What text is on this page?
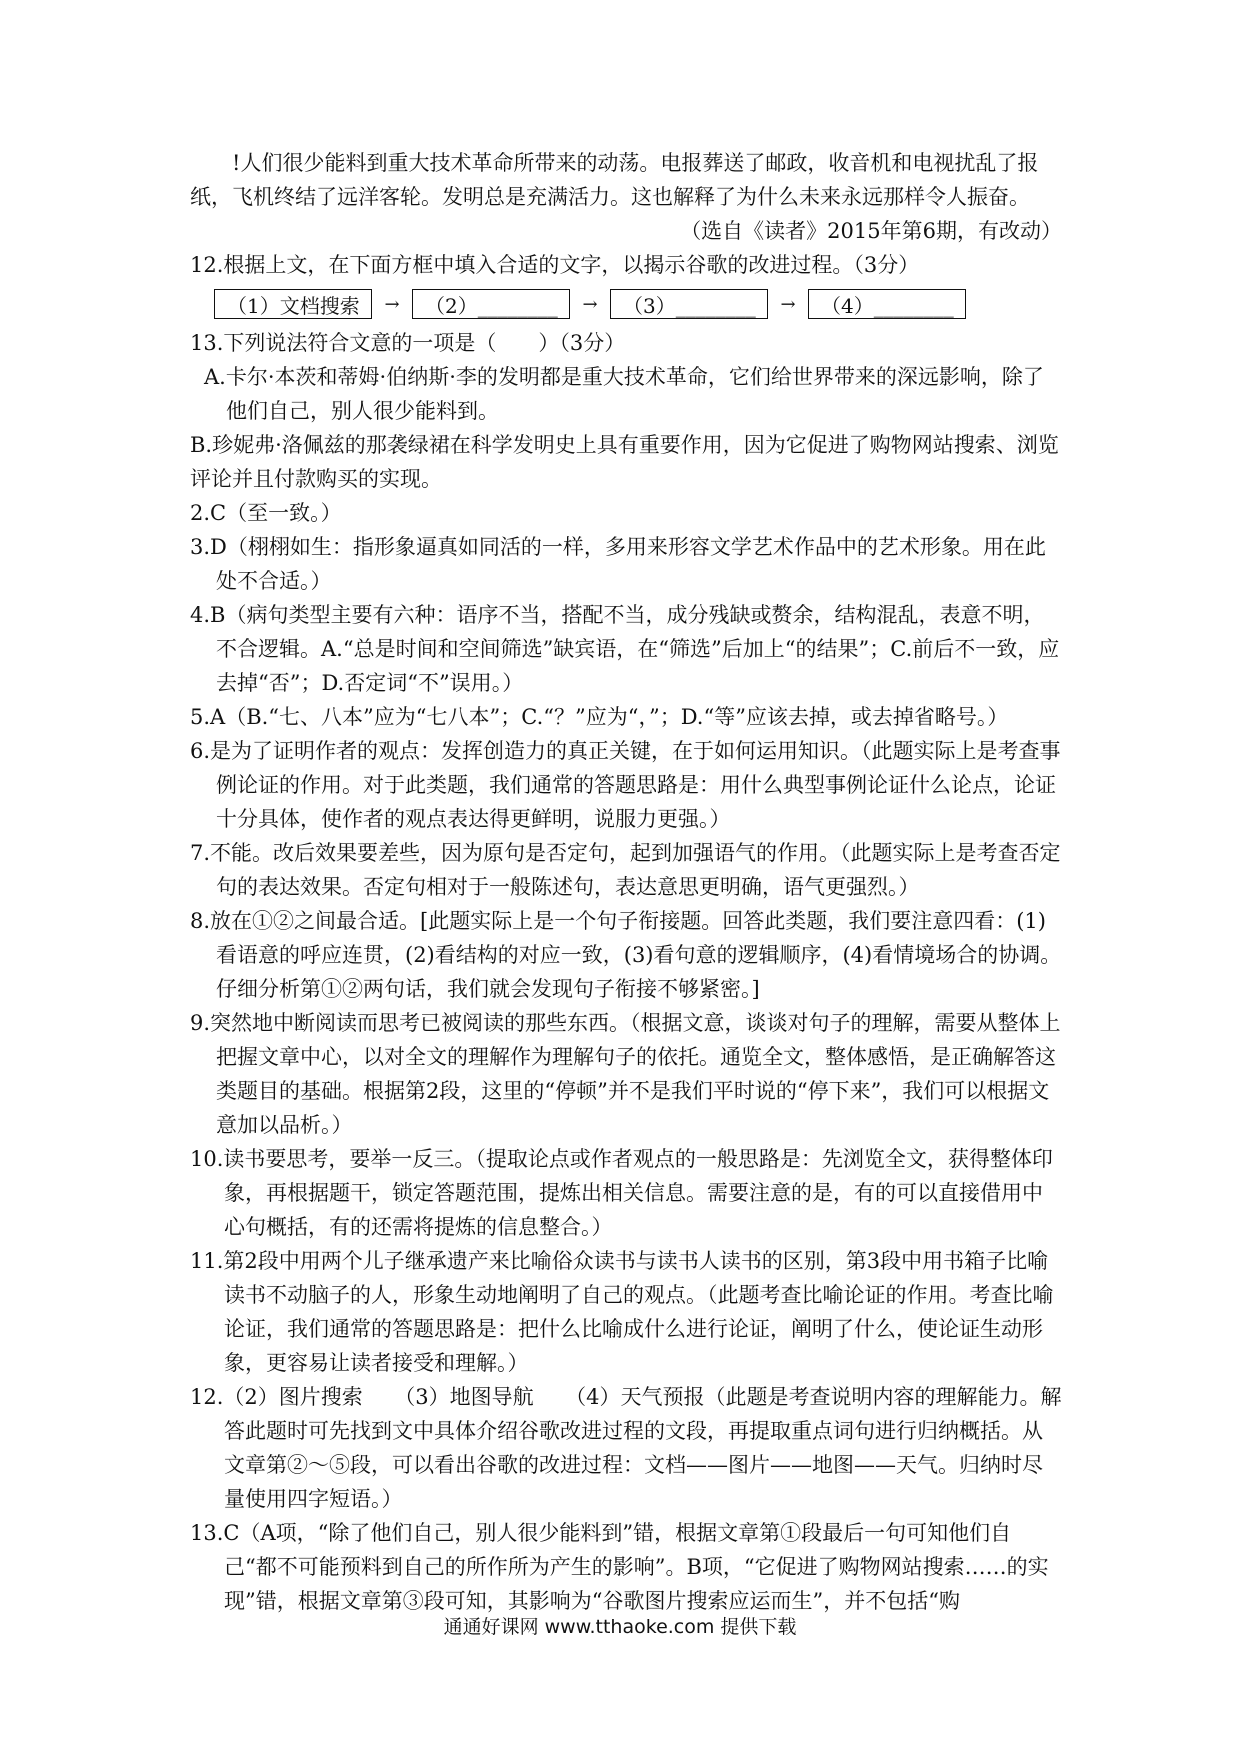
!人们很少能料到重大技术革命所带来的动荡。电报葬送了邮政，收音机和电视扰乱了报纸，飞机终结了远洋客轮。发明总是充满活力。这也解释了为什么未来永远那样令人振奋。

（选自《读者》2015年第6期，有改动）

12.根据上文，在下面方框中填入合适的文字，以揭示谷歌的改进过程。（3分）

（1）文档搜索	→	（2）________	→	（3）________	→	（4）________

13.下列说法符合文意的一项是（　　）（3分）

A.卡尔·本茨和蒂姆·伯纳斯·李的发明都是重大技术革命，它们给世界带来的深远影响，除了他们自己，别人很少能料到。

B.珍妮弗·洛佩兹的那袭绿裙在科学发明史上具有重要作用，因为它促进了购物网站搜索、浏览评论并且付款购买的实现。

2.C（至一致。）

3.D（栩栩如生：指形象逼真如同活的一样，多用来形容文学艺术作品中的艺术形象。用在此处不合适。）

4.B（病句类型主要有六种：语序不当，搭配不当，成分残缺或赘余，结构混乱，表意不明，不合逻辑。A.“总是时间和空间筛选”缺宾语，在“筛选”后加上“的结果”；C.前后不一致，应去掉“否”；D.否定词“不”误用。）

5.A（B.“七、八本”应为“七八本”；C.“？”应为“，”；D.“等”应该去掉，或去掉省略号。）

6.是为了证明作者的观点：发挥创造力的真正关键，在于如何运用知识。（此题实际上是考查事例论证的作用。对于此类题，我们通常的答题思路是：用什么典型事例论证什么论点，论证十分具体，使作者的观点表达得更鲜明，说服力更强。）

7.不能。改后效果要差些，因为原句是否定句，起到加强语气的作用。（此题实际上是考查否定句的表达效果。否定句相对于一般陈述句，表达意思更明确，语气更强烈。）

8.放在①②之间最合适。[此题实际上是一个句子衔接题。回答此类题，我们要注意四看：(1)看语意的呼应连贯，(2)看结构的对应一致，(3)看句意的逻辑顺序，(4)看情境场合的协调。仔细分析第①②两句话，我们就会发现句子衔接不够紧密。]

9.突然地中断阅读而思考已被阅读的那些东西。（根据文意，谈谈对句子的理解，需要从整体上把握文章中心，以对全文的理解作为理解句子的依托。通览全文，整体感悟，是正确解答这类题目的基础。根据第2段，这里的“停顿”并不是我们平时说的“停下来”，我们可以根据文意加以品析。）

10.读书要思考，要举一反三。（提取论点或作者观点的一般思路是：先浏览全文，获得整体印象，再根据题干，锁定答题范围，提炼出相关信息。需要注意的是，有的可以直接借用中心句概括，有的还需将提炼的信息整合。）

11.第2段中用两个儿子继承遗产来比喻俗众读书与读书人读书的区别，第3段中用书箱子比喻读书不动脑子的人，形象生动地阐明了自己的观点。（此题考查比喻论证的作用。考查比喻论证，我们通常的答题思路是：把什么比喻成什么进行论证，阐明了什么，使论证生动形象，更容易让读者接受和理解。）

12.（2）图片搜索　　（3）地图导航　　（4）天气预报（此题是考查说明内容的理解能力。解答此题时可先找到文中具体介绍谷歌改进过程的文段，再提取重点词句进行归纳概括。从文章第②～⑤段，可以看出谷歌的改进过程：文档——图片——地图——天气。归纳时尽量使用四字短语。）

13.C（A项，“除了他们自己，别人很少能料到”错，根据文章第①段最后一句可知他们自己“都不可能预料到自己的所作所为产生的影响”。B项，“它促进了购物网站搜索……的实现”错，根据文章第③段可知，其影响为“谷歌图片搜索应运而生”，并不包括“购

通通好课网 www.tthaoke.com 提供下载
